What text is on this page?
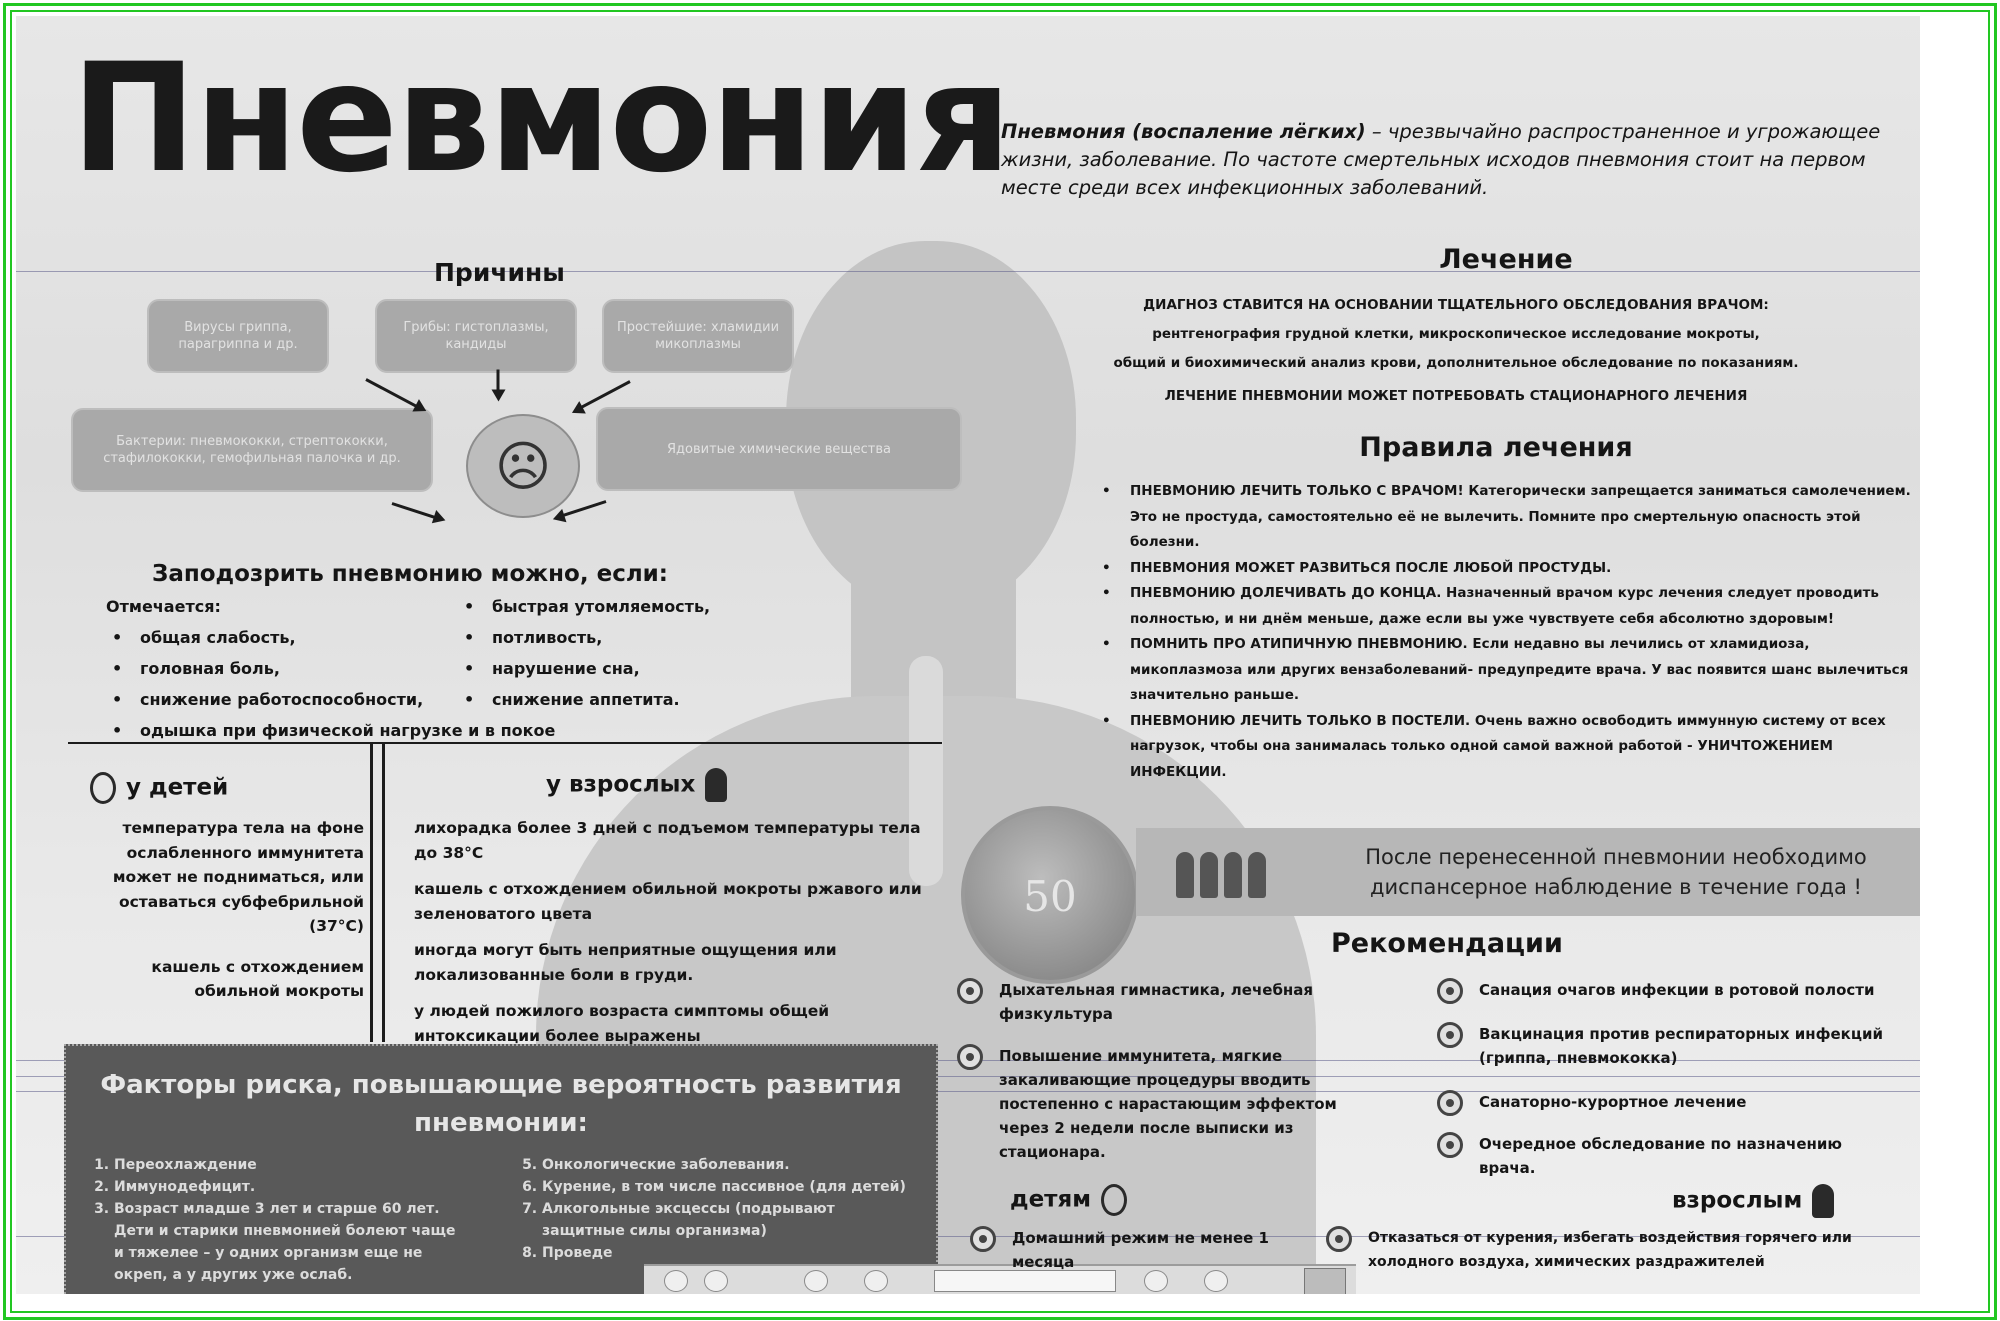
Пневмония
Пневмония (воспаление лёгких) – чрезвычайно распространенное и угрожающее жизни, заболевание. По частоте смертельных исходов пневмония стоит на первом месте среди всех инфекционных заболеваний.
Причины
Вирусы гриппа, парагриппа и др.
Грибы: гистоплазмы, кандиды
Простейшие: хламидии микоплазмы
Бактерии: пневмококки, стрептококки, стафилококки, гемофильная палочка и др.
Ядовитые химические вещества
☹
Заподозрить пневмонию можно, если:
Отмечается:
• общая слабость,
• головная боль,
• снижение работоспособности,
• одышка при физической нагрузке и в покое
• быстрая утомляемость,
• потливость,
• нарушение сна,
• снижение аппетита.
у детей
температура тела на фоне ослабленного иммунитета может не подниматься, или оставаться субфебрильной (37°С)
кашель с отхождением обильной мокроты
у взрослых

лихорадка более 3 дней с подъемом температуры тела до 38°С

кашель с отхождением обильной мокроты ржавого или зеленоватого цвета

иногда могут быть неприятные ощущения или локализованные боли в груди.

у людей пожилого возраста симптомы общей интоксикации более выражены

Факторы риска, повышающие вероятность развития пневмонии:
1. Переохлаждение
2. Иммунодефицит.
3. Возраст младше 3 лет и старше 60 лет. Дети и старики пневмонией болеют чаще и тяжелее – у одних организм еще не окреп, а у других уже ослаб.
5. Онкологические заболевания.
6. Курение, в том числе пассивное (для детей)
7. Алкогольные эксцессы (подрывают защитные силы организма)
8. Проведе
Лечение
ДИАГНОЗ СТАВИТСЯ НА ОСНОВАНИИ ТЩАТЕЛЬНОГО ОБСЛЕДОВАНИЯ ВРАЧОМ:
рентгенография грудной клетки, микроскопическое исследование мокроты,
общий и биохимический анализ крови, дополнительное обследование по показаниям.
ЛЕЧЕНИЕ ПНЕВМОНИИ МОЖЕТ ПОТРЕБОВАТЬ СТАЦИОНАРНОГО ЛЕЧЕНИЯ
Правила лечения
• ПНЕВМОНИЮ ЛЕЧИТЬ ТОЛЬКО С ВРАЧОМ! Категорически запрещается заниматься самолечением. Это не простуда, самостоятельно её не вылечить. Помните про смертельную опасность этой болезни.
• ПНЕВМОНИЯ МОЖЕТ РАЗВИТЬСЯ ПОСЛЕ ЛЮБОЙ ПРОСТУДЫ.
• ПНЕВМОНИЮ ДОЛЕЧИВАТЬ ДО КОНЦА. Назначенный врачом курс лечения следует проводить полностью, и ни днём меньше, даже если вы уже чувствуете себя абсолютно здоровым!
• ПОМНИТЬ ПРО АТИПИЧНУЮ ПНЕВМОНИЮ. Если недавно вы лечились от хламидиоза, микоплазмоза или других вензаболеваний- предупредите врача. У вас появится шанс вылечиться значительно раньше.
• ПНЕВМОНИЮ ЛЕЧИТЬ ТОЛЬКО В ПОСТЕЛИ. Очень важно освободить иммунную систему от всех нагрузок, чтобы она занималась только одной самой важной работой - УНИЧТОЖЕНИЕМ ИНФЕКЦИИ.
50
После перенесенной пневмонии необходимо диспансерное наблюдение в течение года !
Рекомендации
Дыхательная гимнастика, лечебная физкультура
Повышение иммунитета, мягкие закаливающие процедуры вводить постепенно с нарастающим эффектом через 2 недели после выписки из стационара.
Санация очагов инфекции в ротовой полости
Вакцинация против респираторных инфекций (гриппа, пневмококка)
Санаторно-курортное лечение
Очередное обследование по назначению врача.
детям
Домашний режим не менее 1 месяца
взрослым
Отказаться от курения, избегать воздействия горячего или холодного воздуха, химических раздражителей
